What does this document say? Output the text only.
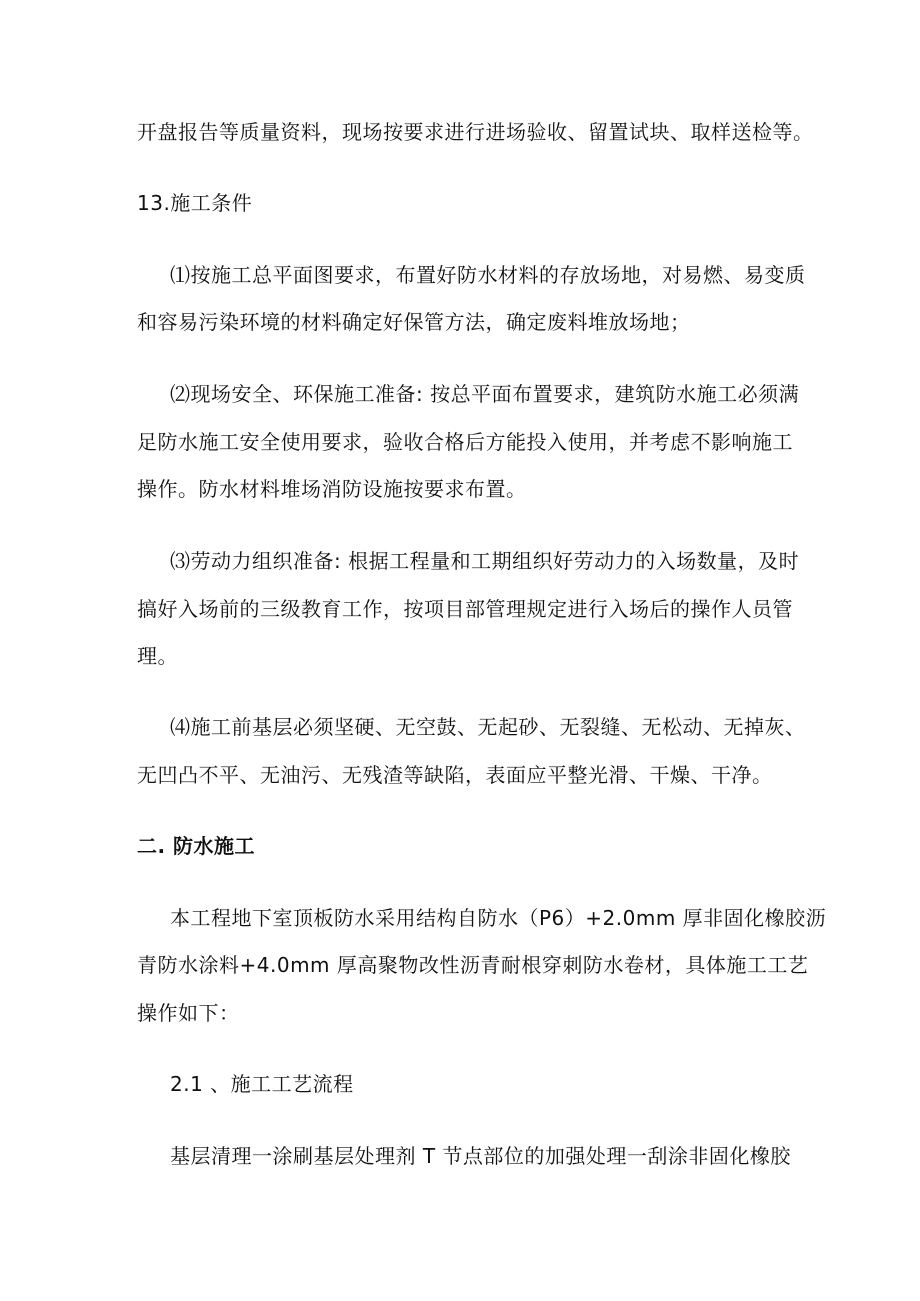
开盘报告等质量资料，现场按要求进行进场验收、留置试块、取样送检等。
13.施工条件
⑴按施工总平面图要求，布置好防水材料的存放场地，对易燃、易变质
和容易污染环境的材料确定好保管方法，确定废料堆放场地；
⑵现场安全、环保施工准备: 按总平面布置要求，建筑防水施工必须满
足防水施工安全使用要求，验收合格后方能投入使用，并考虑不影响施工
操作。防水材料堆场消防设施按要求布置。
⑶劳动力组织准备: 根据工程量和工期组织好劳动力的入场数量，及时
搞好入场前的三级教育工作，按项目部管理规定进行入场后的操作人员管
理。
⑷施工前基层必须坚硬、无空鼓、无起砂、无裂缝、无松动、无掉灰、
无凹凸不平、无油污、无残渣等缺陷，表面应平整光滑、干燥、干净。
二. 防水施工
本工程地下室顶板防水采用结构自防水（P6）+2.0mm 厚非固化橡胶沥
青防水涂料+4.0mm 厚高聚物改性沥青耐根穿刺防水卷材，具体施工工艺
操作如下：
2.1 、施工工艺流程
基层清理一涂刷基层处理剂 T 节点部位的加强处理一刮涂非固化橡胶
